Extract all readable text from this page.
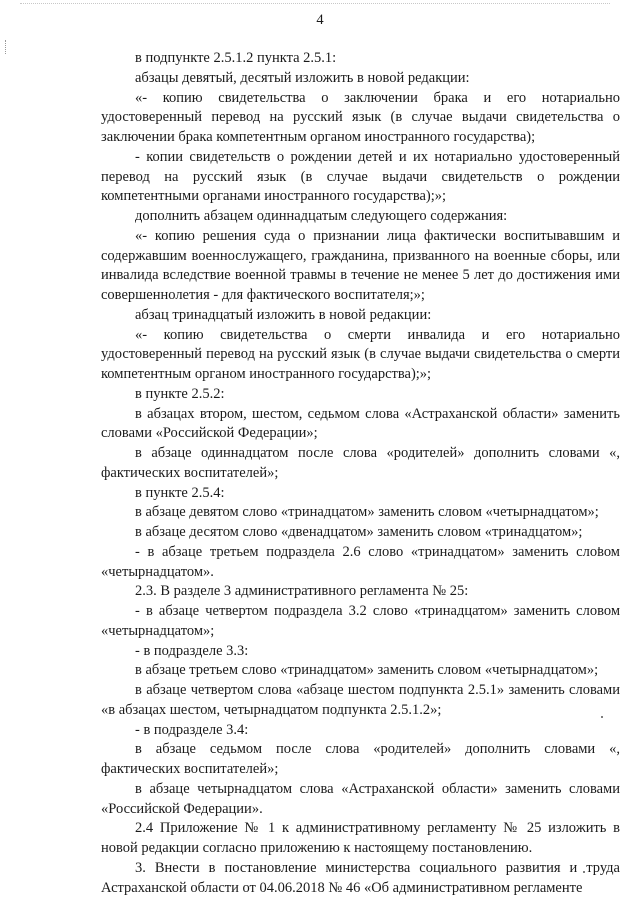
4

в подпункте 2.5.1.2 пункта 2.5.1:

абзацы девятый, десятый изложить в новой редакции:

«- копию свидетельства о заключении брака и его нотариально удостоверенный перевод на русский язык (в случае выдачи свидетельства о заключении брака компетентным органом иностранного государства);

- копии свидетельств о рождении детей и их нотариально удостоверенный перевод на русский язык (в случае выдачи свидетельств о рождении компетентными органами иностранного государства);»;

дополнить абзацем одиннадцатым следующего содержания:

«- копию решения суда о признании лица фактически воспитывавшим и содержавшим военнослужащего, гражданина, призванного на военные сборы, или инвалида вследствие военной травмы в течение не менее 5 лет до достижения ими совершеннолетия - для фактического воспитателя;»;

абзац тринадцатый изложить в новой редакции:

«- копию свидетельства о смерти инвалида и его нотариально удостоверенный перевод на русский язык (в случае выдачи свидетельства о смерти компетентным органом иностранного государства);»;

в пункте 2.5.2:

в абзацах втором, шестом, седьмом слова «Астраханской области» заменить словами «Российской Федерации»;

в абзаце одиннадцатом после слова «родителей» дополнить словами «, фактических воспитателей»;

в пункте 2.5.4:

в абзаце девятом слово «тринадцатом» заменить словом «четырнадцатом»;

в абзаце десятом слово «двенадцатом» заменить словом «тринадцатом»;

- в абзаце третьем подраздела 2.6 слово «тринадцатом» заменить словом «четырнадцатом».

2.3. В разделе 3 административного регламента № 25:

- в абзаце четвертом подраздела 3.2 слово «тринадцатом» заменить словом «четырнадцатом»;

- в подразделе 3.3:

в абзаце третьем слово «тринадцатом» заменить словом «четырнадцатом»;

в абзаце четвертом слова «абзаце шестом подпункта 2.5.1» заменить словами «в абзацах шестом, четырнадцатом подпункта 2.5.1.2»;

- в подразделе 3.4:

в абзаце седьмом после слова «родителей» дополнить словами «, фактических воспитателей»;

в абзаце четырнадцатом слова «Астраханской области» заменить словами «Российской Федерации».

2.4 Приложение № 1 к административному регламенту № 25 изложить в новой редакции согласно приложению к настоящему постановлению.

3. Внести в постановление министерства социального развития и труда Астраханской области от 04.06.2018 № 46 «Об административном регламенте
